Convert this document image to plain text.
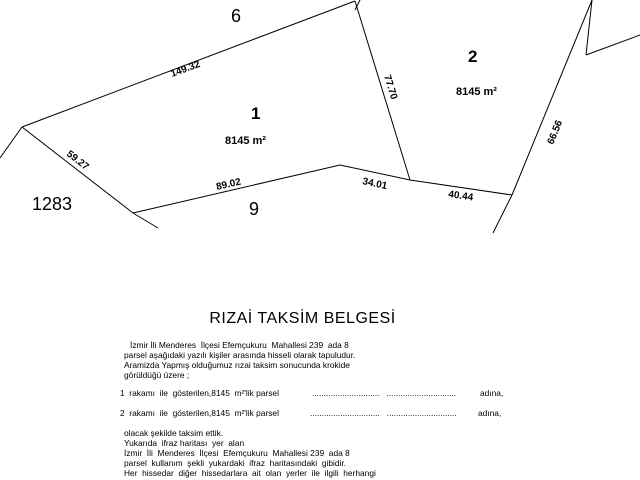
6
1283	9
1
8145 m²
2
8145 m²
149.32
59.27
89.02	34.01
40.44
77.70
66.56
RIZAİ TAKSİM BELGESİ
İzmir İli Menderes  İlçesi Efemçukuru  Mahallesi 239  ada 8
parsel aşağıdaki yazılı kişiler arasında hisseli olarak tapuludur.
Aramizda Yapmış olduğumuz rızai taksim sonucunda krokide
görüldüğü üzere ;
1  rakamı  ile  gösterilen,8145  m²'lik parsel	.............................   ..............................	adına,
2  rakamı  ile  gösterilen,8145  m²'lik parsel	..............................   ..............................	adına,
olacak şekilde taksim ettik.
Yukarıda  ifraz haritası  yer  alan
İzmir  İli  Menderes  İlçesi  Efemçukuru  Mahallesi 239  ada 8
parsel  kullanım  şekli  yukardaki  ifraz  haritasındaki  gibidir.
Her  hissedar  diğer  hissedarlara  ait  olan  yerler  ile  ilgili  herhangi
